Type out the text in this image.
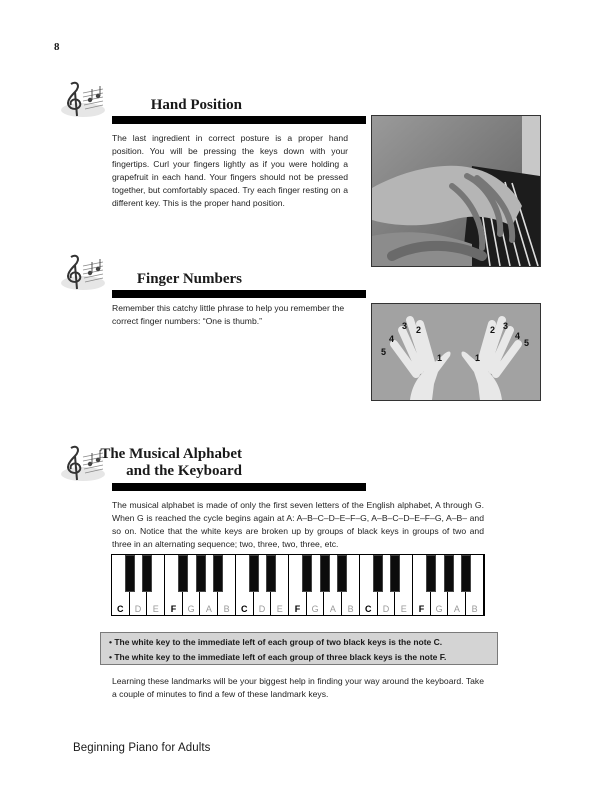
8
Hand Position
The last ingredient in correct posture is a proper hand position. You will be pressing the keys down with your fingertips. Curl your fingers lightly as if you were holding a grapefruit in each hand. Your fingers should not be pressed together, but comfortably spaced. Try each finger resting on a different key. This is the proper hand position.
Finger Numbers
Remember this catchy little phrase to help you remember the correct finger numbers: “One is thumb.”
5
4
3 2
1	1
2 3
4
5
The Musical Alphabet
and the Keyboard
The musical alphabet is made of only the first seven letters of the English alphabet, A through G. When G is reached the cycle begins again at A: A–B–C–D–E–F–G, A–B–C–D–E–F–G, A–B– and so on. Notice that the white keys are broken up by groups of black keys in groups of two and three in an alternating sequence; two, three, two, three, etc.
C	D	E	F	G	A	B	C	D	E	F	G	A	B	C	D	E	F	G	A	B
• The white key to the immediate left of each group of two black keys is the note C.
• The white key to the immediate left of each group of three black keys is the note F.
Learning these landmarks will be your biggest help in finding your way around the keyboard. Take a couple of minutes to find a few of these landmark keys.
Beginning Piano for Adults
